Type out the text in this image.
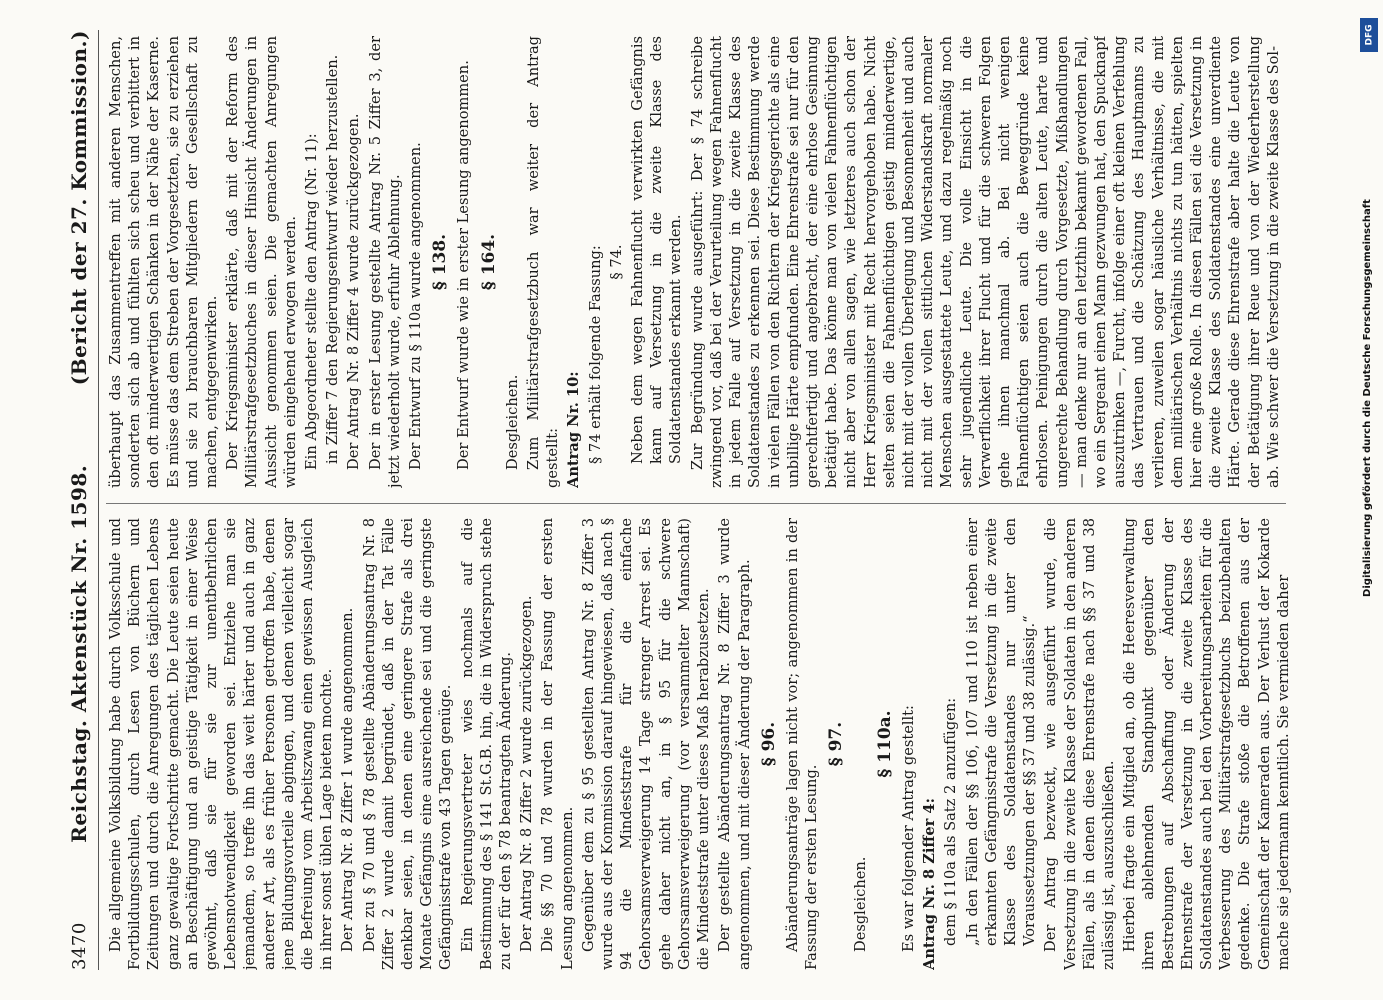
3470
Reichstag. Aktenstück Nr. 1598.
(Bericht der 27. Kommission.)

Die allgemeine Volksbildung habe durch Volksschule und Fortbildungsschulen, durch Lesen von Büchern und Zeitungen und durch die Anregungen des täglichen Lebens ganz gewaltige Fortschritte gemacht. Die Leute seien heute an Beschäftigung und an geistige Tätigkeit in einer Weise gewöhnt, daß sie für sie zur unentbehrlichen Lebensnotwendigkeit geworden sei. Entziehe man sie jemandem, so treffe ihn das weit härter und auch in ganz anderer Art, als es früher Personen getroffen habe, denen jene Bildungsvorteile abgingen, und denen vielleicht sogar die Befreiung vom Arbeitszwang einen gewissen Ausgleich in ihrer sonst üblen Lage bieten mochte. Der Antrag Nr. 8 Ziffer 1 wurde angenommen. Der zu § 70 und § 78 gestellte Abänderungsantrag Nr. 8 Ziffer 2 wurde damit begründet, daß in der Tat Fälle denkbar seien, in denen eine geringere Strafe als drei Monate Gefängnis eine ausreichende sei und die geringste Gefängnisstrafe von 43 Tagen genüge. Ein Regierungsvertreter wies nochmals auf die Bestimmung des § 141 St.G.B. hin, die in Widerspruch stehe zu der für den § 78 beantragten Änderung. Der Antrag Nr. 8 Ziffer 2 wurde zurückgezogen. Die §§ 70 und 78 wurden in der Fassung der ersten Lesung angenommen. Gegenüber dem zu § 95 gestellten Antrag Nr. 8 Ziffer 3 wurde aus der Kommission darauf hingewiesen, daß nach § 94 die Mindeststrafe für die einfache Gehorsamsverweigerung 14 Tage strenger Arrest sei. Es gehe daher nicht an, in § 95 für die schwere Gehorsamsverweigerung (vor versammelter Mannschaft) die Mindeststrafe unter dieses Maß herabzusetzen. Der gestellte Abänderungsantrag Nr. 8 Ziffer 3 wurde angenommen, und mit dieser Änderung der Paragraph. § 96. Abänderungsanträge lagen nicht vor; angenommen in der Fassung der ersten Lesung.

§ 97.

Desgleichen.

§ 110a. Es war folgender Antrag gestellt: Antrag Nr. 8 Ziffer 4: dem § 110a als Satz 2 anzufügen: „In den Fällen der §§ 106, 107 und 110 ist neben einer erkannten Gefängnisstrafe die Versetzung in die zweite Klasse des Soldatenstandes nur unter den Voraussetzungen der §§ 37 und 38 zulässig.“ Der Antrag bezweckt, wie ausgeführt wurde, die Versetzung in die zweite Klasse der Soldaten in den anderen Fällen, als in denen diese Ehrenstrafe nach §§ 37 und 38 zulässig ist, auszuschließen. Hierbei fragte ein Mitglied an, ob die Heeresverwaltung ihren ablehnenden Standpunkt gegenüber den Bestrebungen auf Abschaffung oder Änderung der Ehrenstrafe der Versetzung in die zweite Klasse des Soldatenstandes auch bei den Vorbereitungsarbeiten für die Verbesserung des Militärstrafgesetzbuchs beizubehalten gedenke. Die Strafe stoße die Betroffenen aus der Gemeinschaft der Kameraden aus. Der Verlust der Kokarde mache sie jedermann kenntlich. Sie vermieden daher

überhaupt das Zusammentreffen mit anderen Menschen, sonderten sich ab und fühlten sich scheu und verbittert in den oft minderwertigen Schänken in der Nähe der Kaserne. Es müsse das dem Streben der Vorgesetzten, sie zu erziehen und sie zu brauchbaren Mitgliedern der Gesellschaft zu machen, entgegenwirken. Der Kriegsminister erklärte, daß mit der Reform des Militärstrafgesetzbuches in dieser Hinsicht Änderungen in Aussicht genommen seien. Die gemachten Anregungen würden eingehend erwogen werden. Ein Abgeordneter stellte den Antrag (Nr. 11): in Ziffer 7 den Regierungsentwurf wieder herzustellen. Der Antrag Nr. 8 Ziffer 4 wurde zurückgezogen. Der in erster Lesung gestellte Antrag Nr. 5 Ziffer 3, der jetzt wiederholt wurde, erfuhr Ablehnung. Der Entwurf zu § 110a wurde angenommen. § 138. Der Entwurf wurde wie in erster Lesung angenommen. § 164.

Desgleichen. Zum Militärstrafgesetzbuch war weiter der Antrag gestellt: Antrag Nr. 10: § 74 erhält folgende Fassung: § 74. Neben dem wegen Fahnenflucht verwirkten Gefängnis kann auf Versetzung in die zweite Klasse des Soldatenstandes erkannt werden. Zur Begründung wurde ausgeführt: Der § 74 schreibe zwingend vor, daß bei der Verurteilung wegen Fahnenflucht in jedem Falle auf Versetzung in die zweite Klasse des Soldatenstandes zu erkennen sei. Diese Bestimmung werde in vielen Fällen von den Richtern der Kriegsgerichte als eine unbillige Härte empfunden. Eine Ehrenstrafe sei nur für den gerechtfertigt und angebracht, der eine ehrlose Gesinnung betätigt habe. Das könne man von vielen Fahnenflüchtigen nicht aber von allen sagen, wie letzteres auch schon der Herr Kriegsminister mit Recht hervorgehoben habe. Nicht selten seien die Fahnenflüchtigen geistig minderwertige, nicht mit der vollen Überlegung und Besonnenheit und auch nicht mit der vollen sittlichen Widerstandskraft normaler Menschen ausgestattete Leute, und dazu regelmäßig noch sehr jugendliche Leute. Die volle Einsicht in die Verwerflichkeit ihrer Flucht und für die schweren Folgen gehe ihnen manchmal ab. Bei nicht wenigen Fahnenflüchtigen seien auch die Beweggründe keine ehrlosen. Peinigungen durch die alten Leute, harte und ungerechte Behandlung durch Vorgesetzte, Mißhandlungen — man denke nur an den letzthin bekannt gewordenen Fall, wo ein Sergeant einen Mann gezwungen hat, den Spucknapf auszutrinken —, Furcht, infolge einer oft kleinen Verfehlung das Vertrauen und die Schätzung des Hauptmanns zu verlieren, zuweilen sogar häusliche Verhältnisse, die mit dem militärischen Verhältnis nichts zu tun hätten, spielten hier eine große Rolle. In diesen Fällen sei die Versetzung in die zweite Klasse des Soldatenstandes eine unverdiente Härte. Gerade diese Ehrenstrafe aber halte die Leute von der Betätigung ihrer Reue und von der Wiederherstellung ab. Wie schwer die Versetzung in die zweite Klasse des Sol-

DFG
Digitalisierung gefördert durch die Deutsche Forschungsgemeinschaft
